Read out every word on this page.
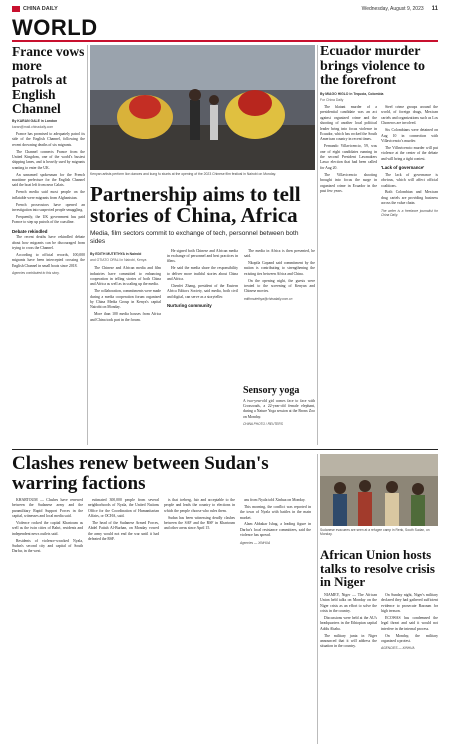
CHINA DAILY	Wednesday, August 9, 2023 11
WORLD
France vows more patrols at English Channel
By KARAN GALE in London
karan@mail.chinadaily.com

France has promised to adequately patrol its side of the English Channel, following the recent drowning deaths of six migrants.

The Channel connects France from the United Kingdom, one of the world's busiest shipping lanes, and is heavily used by migrants wanting to enter the UK.

An unnamed spokesman for the French maritime prefecture for the English Channel said the boat left from near Calais.

French media said most people on the inflatable were migrants from Afghanistan.

French prosecutors have opened an investigation into suspected people smuggling.

Frequently, the UK government has paid France to step up patrols of the coastline.

Debate rekindled

The recent deaths have rekindled debate about how migrants can be discouraged from trying to cross the Channel.

According to official records, 100,000 migrants have been intercepted crossing the English Channel in small boats since 2018.

Agencies contributed to this story.
Kenyan artists perform lion dances and kung fu stunts at the opening of the 2023 Chinese film festival in Nairobi on Monday.
Partnership aims to tell stories of China, Africa
Media, film sectors commit to exchange of tech, personnel between both sides
By EDITH MUTETHYA in Nairobi
and OTIATO OPALI in Nairobi, Kenya

The Chinese and African media and film industries have committed to enhancing cooperation in telling stories of both China and Africa as well as in scaling up the media.

The collaboration, commitments were made during a media cooperation forum organized by China Media Group in Kenya's capital Nairobi on Monday.

More than 100 media houses from Africa and China took part in the forum.

He signed both Chinese and African media in exchange of personnel and best practices in films.

He said the media share the responsibility to deliver more truthful stories about China and Africa.

Chenfei Zhang, president of the Eastern Africa Editors Society, said media, both civil and digital, can serve as a storyteller.

Nurturing community

The media in Africa is then presented, he said.

Nkopila Gopand said commitment by the nation is contributing to strengthening the existing ties between Africa and China.

On the opening night, the guests were treated to the screening of Kenyan and Chinese movies.

edithmutethya@chinadaily.com.cn
Sensory yoga
A two-year-old girl comes face to face with Crossroads, a 22-year-old female elephant, during a Nature Yoga session at the Bronx Zoo on Monday.
CHINA PHOTO / REUTERS
Ecuador murder brings violence to the forefront
By MIAGO HIGLO in Tequoia, Colombia
For China Daily

The blatant murder of a presidential candidate was an act against organized crime and the shooting of another local political leader bring into focus violence in Ecuador, which has rocked the South American country in recent times.

Fernando Villavicencio, 59, was one of eight candidates running in the second President Lawmakers Lasso election that had been called for Aug 20.

The Villavicencio shooting brought into focus the surge in organized crime in Ecuador in the past few years.

Steel crime groups around the world, of foreign drugs, Mexican cartels and organizations such as Los Choneros are involved.

Six Colombians were detained on Aug 10 in connection with Villavicencio's murder.

The Villavicencio murder will put violence at the center of the debate and will bring a tight contest.

'Lack of governance'

The lack of governance is obvious, which will affect official coalitions.

Both Colombian and Mexican drug cartels are providing business across the value chain.

The writer is a freelance journalist for China Daily.
Clashes renew between Sudan's warring factions

KHARTOUM — Clashes have renewed between the Sudanese army and the paramilitary Rapid Support Forces in the capital, witnesses and local media said.

Violence rocked the capital Khartoum as well as the twin cities of Bahri, residents and independent news outlets said.

Residents of violence-wracked Nyala, Sudan's second city and capital of South Darfur, in the west.

estimated 300,000 people from several neighborhoods of Nyala, the United Nations Office for the Coordination of Humanitarian Affairs, or OCHA, said.

The head of the Sudanese Armed Forces, Abdel Fattah Al-Burhan, on Monday vowed the army would not end the war until it had defeated the RSF.

is that iceberg, fair and acceptable to the people and leads the country to elections in which the people choose who rules them.

Sudan has been witnessing deadly clashes between the SAF and the RSF in Khartoum and other areas since April 15.

ans from Nyala told Xinhua on Monday.

This morning, the conflict was reported in the town of Nyala with battles in the main market.

Alam Abbakar Ishag, a leading figure in Darfur's local resistance committees, said the violence has spread.

Agencies — XINHUA
Sudanese evacuees are seen at a refugee camp in Renk, South Sudan, on Monday.
African Union hosts talks to resolve crisis in Niger

NIAMEY, Niger — The African Union held talks on Monday on the Niger crisis as an effort to solve the crisis in the country.

Discussions were held at the AU's headquarters in the Ethiopian capital Addis Ababa.

The military junta in Niger announced that it will address the situation in the country.

On Sunday night, Niger's military declared they had gathered sufficient evidence to prosecute Bazoum for high treason.

ECOWAS has condemned the legal threat and said it would not interfere in the internal process.

On Monday, the military organized a protest.

AGENCIES — XINHUA
